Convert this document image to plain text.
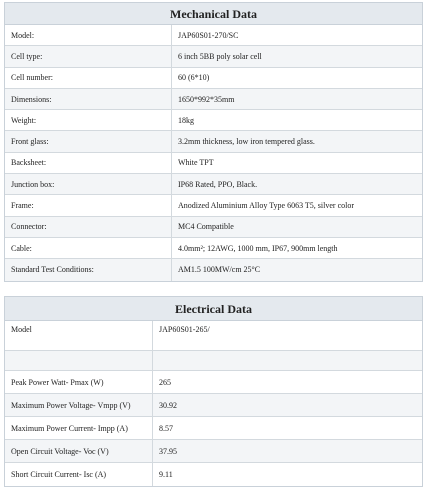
Mechanical Data
Model:	JAP60S01-270/SC
Cell type:	6 inch 5BB poly solar cell
Cell number:	60 (6*10)
Dimensions:	1650*992*35mm
Weight:	18kg
Front glass:	3.2mm thickness, low iron tempered glass.
Backsheet:	White TPT
Junction box:	IP68 Rated, PPO, Black.
Frame:	Anodized Aluminium Alloy Type 6063 T5, silver color
Connector:	MC4 Compatible
Cable:	4.0mm²; 12AWG, 1000 mm, IP67, 900mm length
Standard Test Conditions:	AM1.5 100MW/cm 25°C
Electrical Data
Model	JAP60S01-265/
Peak Power Watt- Pmax (W)	265
Maximum Power Voltage- Vmpp (V)	30.92
Maximum Power Current- Impp (A)	8.57
Open Circuit Voltage- Voc (V)	37.95
Short Circuit Current- Isc (A)	9.11
